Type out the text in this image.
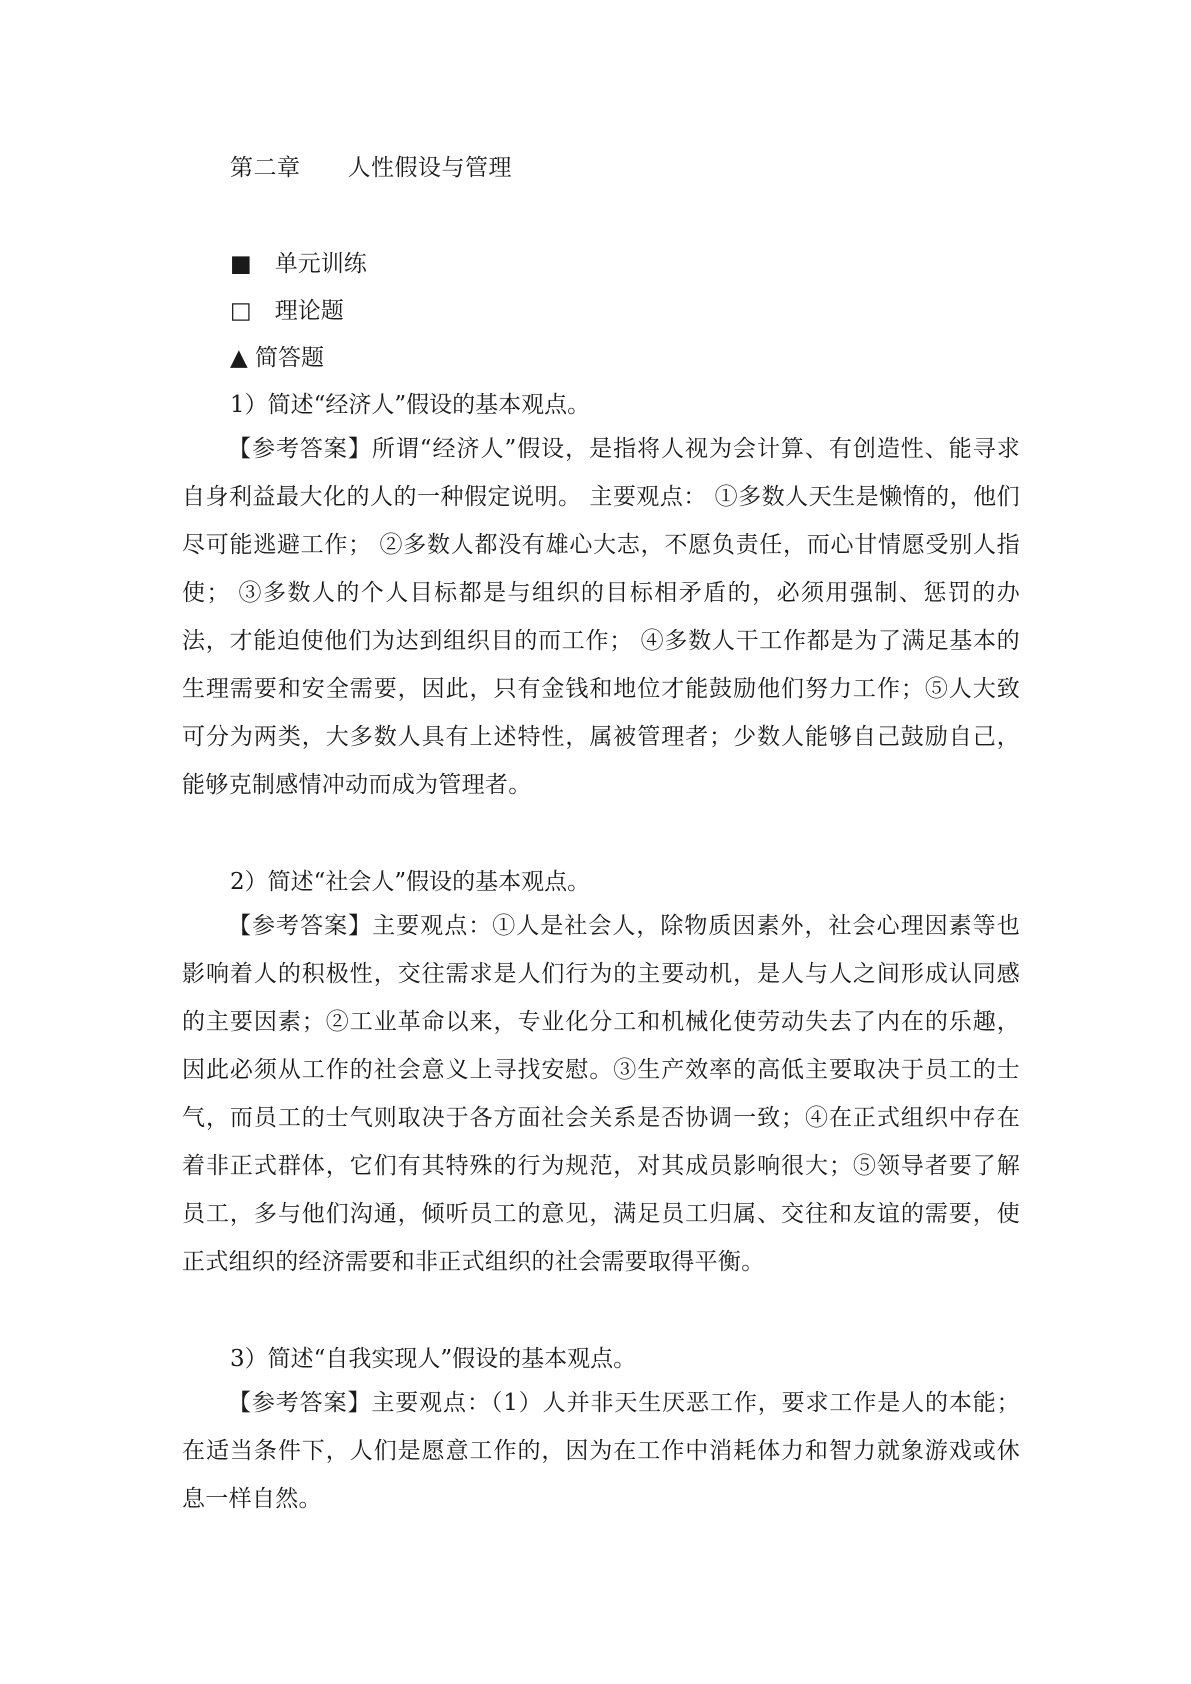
第二章　　人性假设与管理
■　单元训练
□　理论题
▲ 简答题
1）简述“经济人”假设的基本观点。
【参考答案】所谓“经济人”假设，是指将人视为会计算、有创造性、能寻求自身利益最大化的人的一种假定说明。 主要观点： ①多数人天生是懒惰的，他们尽可能逃避工作； ②多数人都没有雄心大志，不愿负责任，而心甘情愿受别人指使； ③多数人的个人目标都是与组织的目标相矛盾的，必须用强制、惩罚的办法，才能迫使他们为达到组织目的而工作； ④多数人干工作都是为了满足基本的生理需要和安全需要，因此，只有金钱和地位才能鼓励他们努力工作；⑤人大致可分为两类，大多数人具有上述特性，属被管理者；少数人能够自己鼓励自己，能够克制感情冲动而成为管理者。
2）简述“社会人”假设的基本观点。
【参考答案】主要观点：①人是社会人，除物质因素外，社会心理因素等也影响着人的积极性，交往需求是人们行为的主要动机，是人与人之间形成认同感的主要因素；②工业革命以来，专业化分工和机械化使劳动失去了内在的乐趣，因此必须从工作的社会意义上寻找安慰。③生产效率的高低主要取决于员工的士气，而员工的士气则取决于各方面社会关系是否协调一致；④在正式组织中存在着非正式群体，它们有其特殊的行为规范，对其成员影响很大；⑤领导者要了解员工，多与他们沟通，倾听员工的意见，满足员工归属、交往和友谊的需要，使正式组织的经济需要和非正式组织的社会需要取得平衡。
3）简述“自我实现人”假设的基本观点。
【参考答案】主要观点：（1）人并非天生厌恶工作，要求工作是人的本能；在适当条件下，人们是愿意工作的，因为在工作中消耗体力和智力就象游戏或休息一样自然。
